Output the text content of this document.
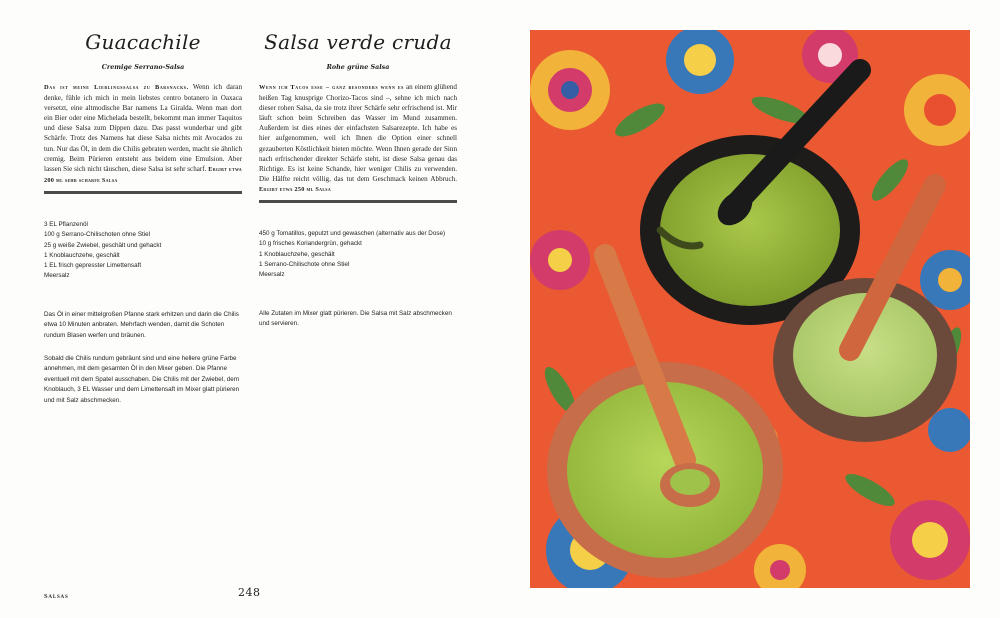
Guacachile
Cremige Serrano-Salsa

Das ist meine Lieblingssalsa zu Barsnacks. Wenn ich daran denke, fühle ich mich in mein liebstes centro botanero in Oaxaca versetzt, eine altmodische Bar namens La Giralda. Wenn man dort ein Bier oder eine Michelada bestellt, bekommt man immer Taquitos und diese Salsa zum Dippen dazu. Das passt wunderbar und gibt Schärfe. Trotz des Namens hat diese Salsa nichts mit Avocados zu tun. Nur das Öl, in dem die Chilis gebraten werden, macht sie ähnlich cremig. Beim Pürieren entsteht aus beidem eine Emulsion. Aber lassen Sie sich nicht täuschen, diese Salsa ist sehr scharf. Ergibt etwa 200 ml sehr scharfe Salsa

3 EL Pflanzenöl
100 g Serrano-Chilischoten ohne Stiel
25 g weiße Zwiebel, geschält und gehackt
1 Knoblauchzehe, geschält
1 EL frisch gepresster Limettensaft
Meersalz

Das Öl in einer mittelgroßen Pfanne stark erhitzen und darin die Chilis etwa 10 Minuten anbraten. Mehrfach wenden, damit die Schoten rundum Blasen werfen und bräunen.

Sobald die Chilis rundum gebräunt sind und eine hellere grüne Farbe annehmen, mit dem gesamten Öl in den Mixer geben. Die Pfanne eventuell mit dem Spatel ausschaben. Die Chilis mit der Zwiebel, dem Knoblauch, 3 EL Wasser und dem Limettensaft im Mixer glatt pürieren und mit Salz abschmecken.

Salsa verde cruda
Rohe grüne Salsa

Wenn ich Tacos esse – ganz besonders wenn es an einem glühend heißen Tag knusprige Chorizo-Tacos sind –, sehne ich mich nach dieser rohen Salsa, da sie trotz ihrer Schärfe sehr erfrischend ist. Mir läuft schon beim Schreiben das Wasser im Mund zusammen. Außerdem ist dies eines der einfachsten Salsarezepte. Ich habe es hier aufgenommen, weil ich Ihnen die Option einer schnell gezauberten Köstlichkeit bieten möchte. Wenn Ihnen gerade der Sinn nach erfrischender direkter Schärfe steht, ist diese Salsa genau das Richtige. Es ist keine Schande, hier weniger Chilis zu verwenden. Die Hälfte reicht völlig, das tut dem Geschmack keinen Abbruch. Ergibt etwa 250 ml Salsa

450 g Tomatillos, geputzt und gewaschen (alternativ aus der Dose)
10 g frisches Koriandergrün, gehackt
1 Knoblauchzehe, geschält
1 Serrano-Chilischote ohne Stiel
Meersalz

Alle Zutaten im Mixer glatt pürieren. Die Salsa mit Salz abschmecken und servieren.

Salsas	248
